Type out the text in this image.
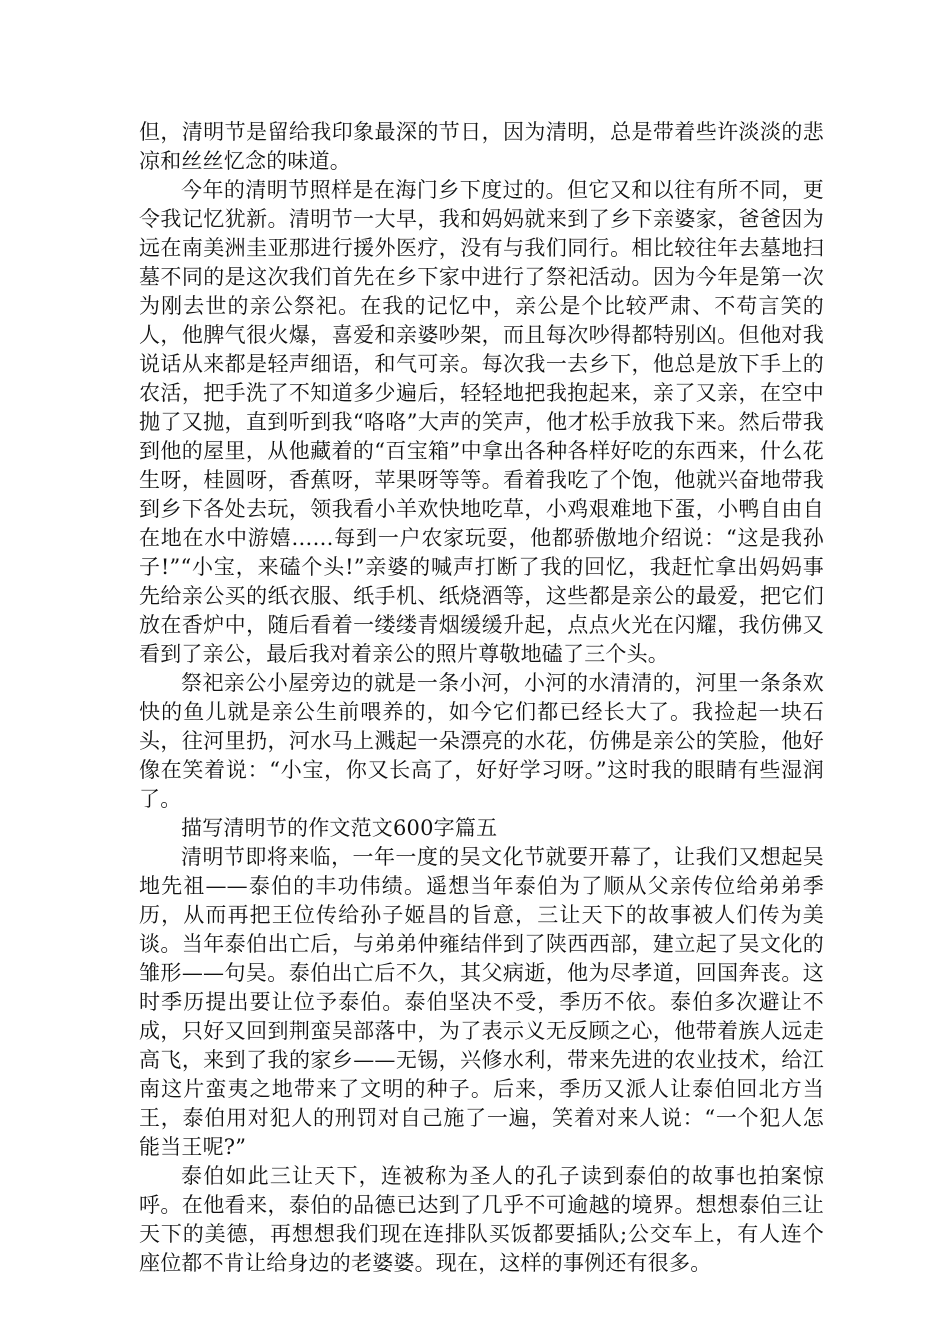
但，清明节是留给我印象最深的节日，因为清明，总是带着些许淡淡的悲凉和丝丝忆念的味道。

今年的清明节照样是在海门乡下度过的。但它又和以往有所不同，更令我记忆犹新。清明节一大早，我和妈妈就来到了乡下亲婆家，爸爸因为远在南美洲圭亚那进行援外医疗，没有与我们同行。相比较往年去墓地扫墓不同的是这次我们首先在乡下家中进行了祭祀活动。因为今年是第一次为刚去世的亲公祭祀。在我的记忆中，亲公是个比较严肃、不苟言笑的人，他脾气很火爆，喜爱和亲婆吵架，而且每次吵得都特别凶。但他对我说话从来都是轻声细语，和气可亲。每次我一去乡下，他总是放下手上的农活，把手洗了不知道多少遍后，轻轻地把我抱起来，亲了又亲，在空中抛了又抛，直到听到我“咯咯”大声的笑声，他才松手放我下来。然后带我到他的屋里，从他藏着的“百宝箱”中拿出各种各样好吃的东西来，什么花生呀，桂圆呀，香蕉呀，苹果呀等等。看着我吃了个饱，他就兴奋地带我到乡下各处去玩，领我看小羊欢快地吃草，小鸡艰难地下蛋，小鸭自由自在地在水中游嬉……每到一户农家玩耍，他都骄傲地介绍说：“这是我孙子!”“小宝，来磕个头!”亲婆的喊声打断了我的回忆，我赶忙拿出妈妈事先给亲公买的纸衣服、纸手机、纸烧酒等，这些都是亲公的最爱，把它们放在香炉中，随后看着一缕缕青烟缓缓升起，点点火光在闪耀，我仿佛又看到了亲公，最后我对着亲公的照片尊敬地磕了三个头。

祭祀亲公小屋旁边的就是一条小河，小河的水清清的，河里一条条欢快的鱼儿就是亲公生前喂养的，如今它们都已经长大了。我捡起一块石头，往河里扔，河水马上溅起一朵漂亮的水花，仿佛是亲公的笑脸，他好像在笑着说：“小宝，你又长高了，好好学习呀。”这时我的眼睛有些湿润了。

描写清明节的作文范文600字篇五

清明节即将来临，一年一度的吴文化节就要开幕了，让我们又想起吴地先祖——泰伯的丰功伟绩。遥想当年泰伯为了顺从父亲传位给弟弟季历，从而再把王位传给孙子姬昌的旨意，三让天下的故事被人们传为美谈。当年泰伯出亡后，与弟弟仲雍结伴到了陕西西部，建立起了吴文化的雏形——句吴。泰伯出亡后不久，其父病逝，他为尽孝道，回国奔丧。这时季历提出要让位予泰伯。泰伯坚决不受，季历不依。泰伯多次避让不成，只好又回到荆蛮吴部落中，为了表示义无反顾之心，他带着族人远走高飞，来到了我的家乡——无锡，兴修水利，带来先进的农业技术，给江南这片蛮夷之地带来了文明的种子。后来，季历又派人让泰伯回北方当王，泰伯用对犯人的刑罚对自己施了一遍，笑着对来人说：“一个犯人怎能当王呢?”

泰伯如此三让天下，连被称为圣人的孔子读到泰伯的故事也拍案惊呼。在他看来，泰伯的品德已达到了几乎不可逾越的境界。想想泰伯三让天下的美德，再想想我们现在连排队买饭都要插队;公交车上，有人连个座位都不肯让给身边的老婆婆。现在，这样的事例还有很多。
